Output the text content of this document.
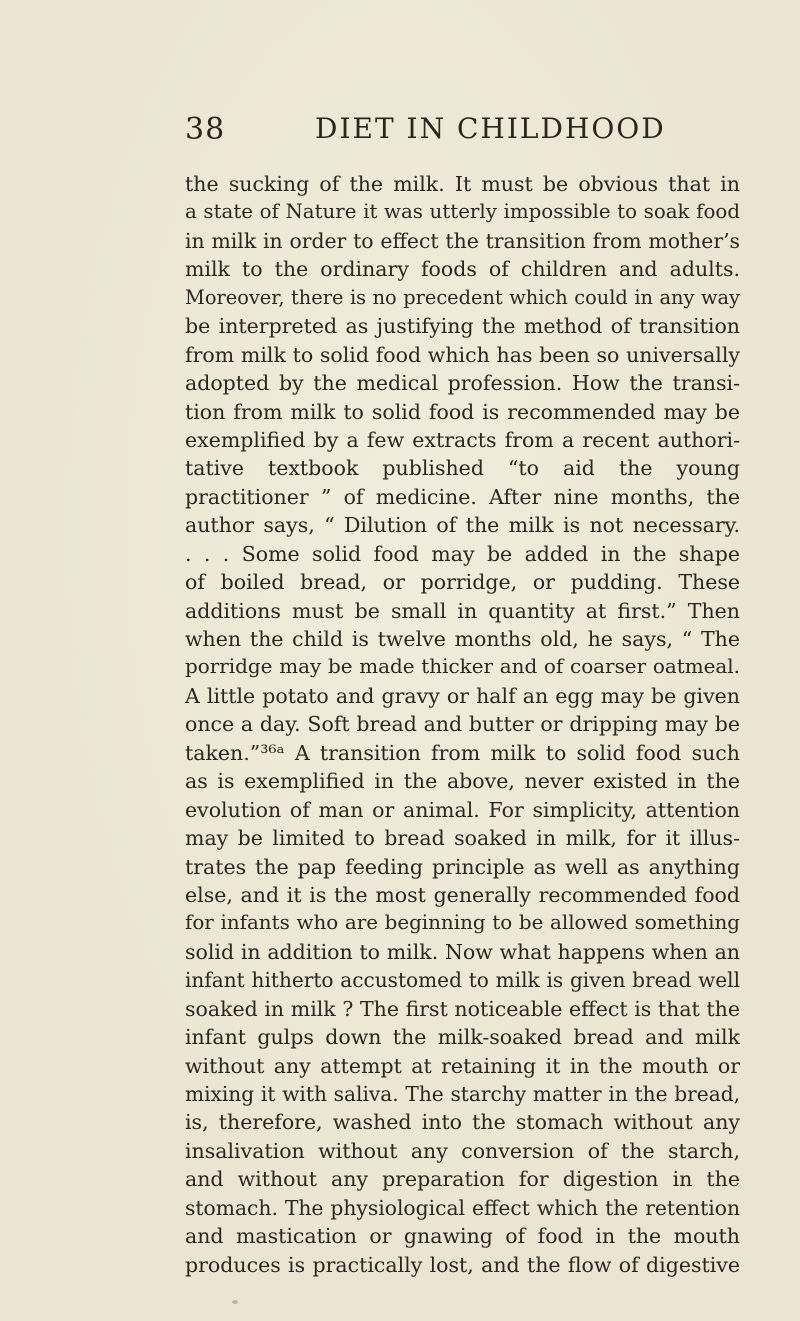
38	DIET IN CHILDHOOD
the sucking of the milk. It must be obvious that in
a state of Nature it was utterly impossible to soak food
in milk in order to effect the transition from mother’s
milk to the ordinary foods of children and adults.
Moreover, there is no precedent which could in any way
be interpreted as justifying the method of transition
from milk to solid food which has been so universally
adopted by the medical profession. How the transi-
tion from milk to solid food is recommended may be
exemplified by a few extracts from a recent authori-
tative textbook published “to aid the young
practitioner ” of medicine. After nine months, the
author says, “ Dilution of the milk is not necessary.
. . . Some solid food may be added in the shape
of boiled bread, or porridge, or pudding. These
additions must be small in quantity at first.” Then
when the child is twelve months old, he says, “ The
porridge may be made thicker and of coarser oatmeal.
A little potato and gravy or half an egg may be given
once a day. Soft bread and butter or dripping may be
taken.”³⁶ᵃ A transition from milk to solid food such
as is exemplified in the above, never existed in the
evolution of man or animal. For simplicity, attention
may be limited to bread soaked in milk, for it illus-
trates the pap feeding principle as well as anything
else, and it is the most generally recommended food
for infants who are beginning to be allowed something
solid in addition to milk. Now what happens when an
infant hitherto accustomed to milk is given bread well
soaked in milk ? The first noticeable effect is that the
infant gulps down the milk-soaked bread and milk
without any attempt at retaining it in the mouth or
mixing it with saliva. The starchy matter in the bread,
is, therefore, washed into the stomach without any
insalivation without any conversion of the starch,
and without any preparation for digestion in the
stomach. The physiological effect which the retention
and mastication or gnawing of food in the mouth
produces is practically lost, and the flow of digestive
